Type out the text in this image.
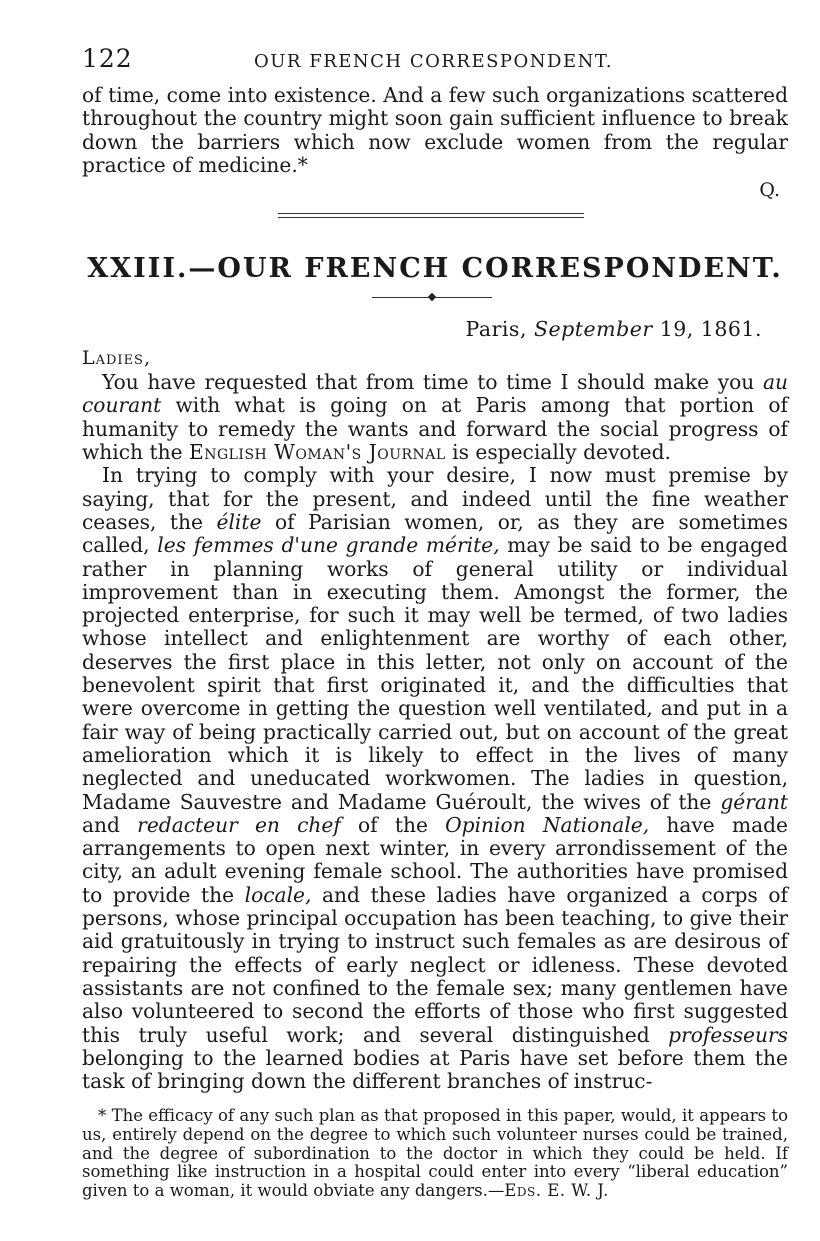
122	OUR FRENCH CORRESPONDENT.

of time, come into existence. And a few such organizations scattered throughout the country might soon gain sufficient influence to break down the barriers which now exclude women from the regular practice of medicine.*

Q.
XXIII.—OUR FRENCH CORRESPONDENT.
Paris, September 19, 1861.
Ladies,

You have requested that from time to time I should make you au courant with what is going on at Paris among that portion of humanity to remedy the wants and forward the social progress of which the English Woman's Journal is especially devoted.

In trying to comply with your desire, I now must premise by saying, that for the present, and indeed until the fine weather ceases, the élite of Parisian women, or, as they are sometimes called, les femmes d'une grande mérite, may be said to be engaged rather in planning works of general utility or individual improvement than in executing them. Amongst the former, the projected enterprise, for such it may well be termed, of two ladies whose intellect and enlightenment are worthy of each other, deserves the first place in this letter, not only on account of the benevolent spirit that first originated it, and the difficulties that were overcome in getting the question well ventilated, and put in a fair way of being practically carried out, but on account of the great amelioration which it is likely to effect in the lives of many neglected and uneducated workwomen. The ladies in question, Madame Sauvestre and Madame Guéroult, the wives of the gérant and redacteur en chef of the Opinion Nationale, have made arrangements to open next winter, in every arrondissement of the city, an adult evening female school. The authorities have promised to provide the locale, and these ladies have organized a corps of persons, whose principal occupation has been teaching, to give their aid gratuitously in trying to instruct such females as are desirous of repairing the effects of early neglect or idleness. These devoted assistants are not confined to the female sex; many gentlemen have also volunteered to second the efforts of those who first suggested this truly useful work; and several distinguished professeurs belonging to the learned bodies at Paris have set before them the task of bringing down the different branches of instruc-

* The efficacy of any such plan as that proposed in this paper, would, it appears to us, entirely depend on the degree to which such volunteer nurses could be trained, and the degree of subordination to the doctor in which they could be held. If something like instruction in a hospital could enter into every “liberal education” given to a woman, it would obviate any dangers.—Eds. E. W. J.
